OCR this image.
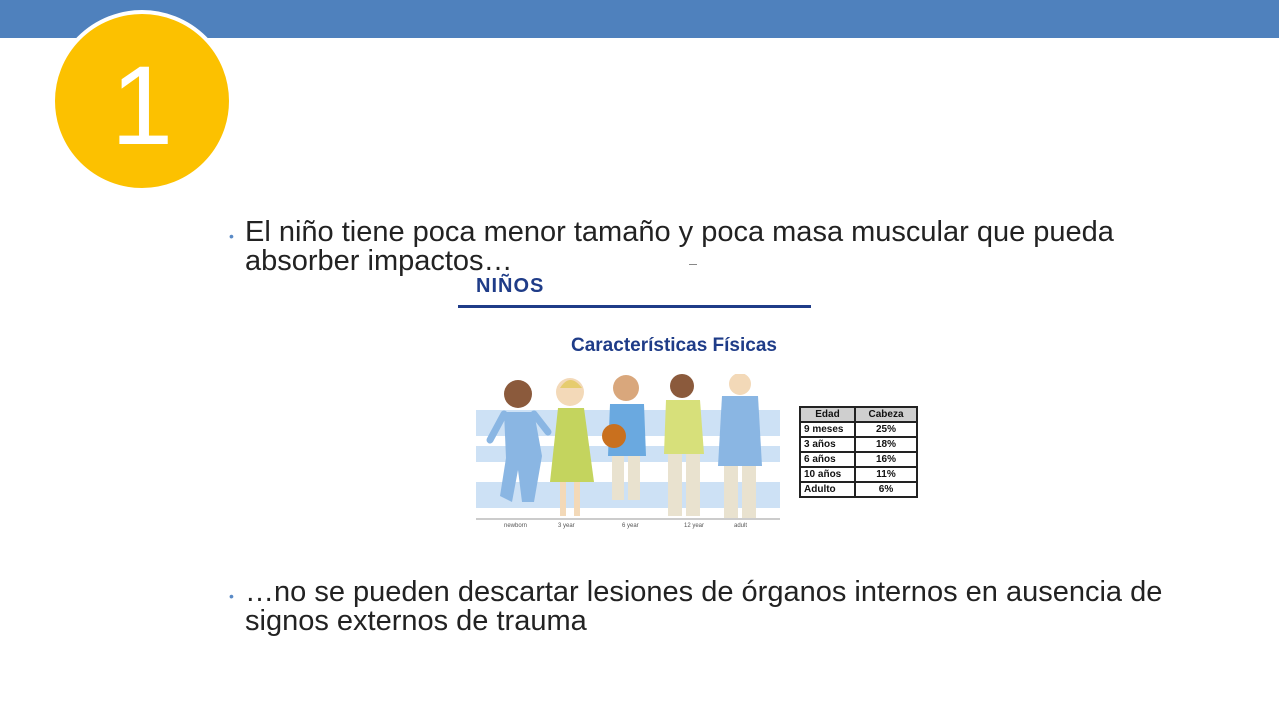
1
• El niño tiene poca menor tamaño y poca masa muscular que pueda absorber impactos…
NIÑOS
Características Físicas
newborn	3 year	6 year	12 year	adult
Edad	Cabeza
9 meses	25%
3 años	18%
6 años	16%
10 años	11%
Adulto	6%
• …no se pueden descartar lesiones de órganos internos en ausencia de signos externos de trauma
